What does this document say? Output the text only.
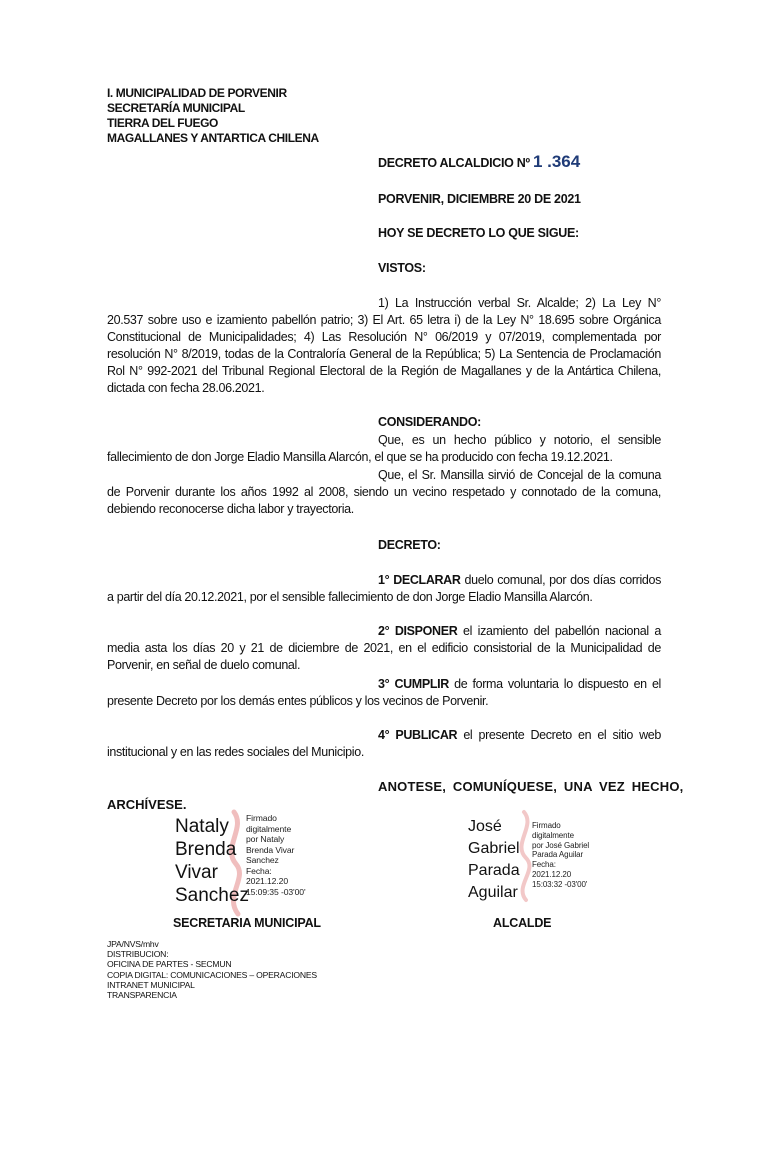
I. MUNICIPALIDAD DE PORVENIR
SECRETARÍA MUNICIPAL
TIERRA DEL FUEGO
MAGALLANES Y ANTARTICA CHILENA
DECRETO ALCALDICIO Nº 1 .364
PORVENIR, DICIEMBRE 20 DE 2021
HOY SE DECRETO LO QUE SIGUE:
VISTOS:
1) La Instrucción verbal Sr. Alcalde; 2) La Ley N° 20.537 sobre uso e izamiento pabellón patrio; 3) El Art. 65 letra i) de la Ley N° 18.695 sobre Orgánica Constitucional de Municipalidades; 4) Las Resolución N° 06/2019 y 07/2019, complementada por resolución N° 8/2019, todas de la Contraloría General de la República; 5) La Sentencia de Proclamación Rol N° 992-2021 del Tribunal Regional Electoral de la Región de Magallanes y de la Antártica Chilena, dictada con fecha 28.06.2021.
CONSIDERANDO:
Que, es un hecho público y notorio, el sensible fallecimiento de don Jorge Eladio Mansilla Alarcón, el que se ha producido con fecha 19.12.2021.
Que, el Sr. Mansilla sirvió de Concejal de la comuna de Porvenir durante los años 1992 al 2008, siendo un vecino respetado y connotado de la comuna, debiendo reconocerse dicha labor y trayectoria.
DECRETO:
1° DECLARAR duelo comunal, por dos días corridos a partir del día 20.12.2021, por el sensible fallecimiento de don Jorge Eladio Mansilla Alarcón.
2° DISPONER el izamiento del pabellón nacional a media asta los días 20 y 21 de diciembre de 2021, en el edificio consistorial de la Municipalidad de Porvenir, en señal de duelo comunal.
3° CUMPLIR de forma voluntaria lo dispuesto en el presente Decreto por los demás entes públicos y los vecinos de Porvenir.
4° PUBLICAR el presente Decreto en el sitio web institucional y en las redes sociales del Municipio.
ANOTESE, COMUNÍQUESE, UNA VEZ HECHO,
ARCHÍVESE.
Nataly
Brenda
Vivar
Sanchez
Firmado
digitalmente
por Nataly
Brenda Vivar
Sanchez
Fecha:
2021.12.20
15:09:35 -03'00'
SECRETARIA MUNICIPAL
José
Gabriel
Parada
Aguilar
Firmado
digitalmente
por José Gabriel
Parada Aguilar
Fecha:
2021.12.20
15:03:32 -03'00'
ALCALDE
JPA/NVS/mhv
DISTRIBUCION:
OFICINA DE PARTES - SECMUN
COPIA DIGITAL: COMUNICACIONES – OPERACIONES
INTRANET MUNICIPAL
TRANSPARENCIA
